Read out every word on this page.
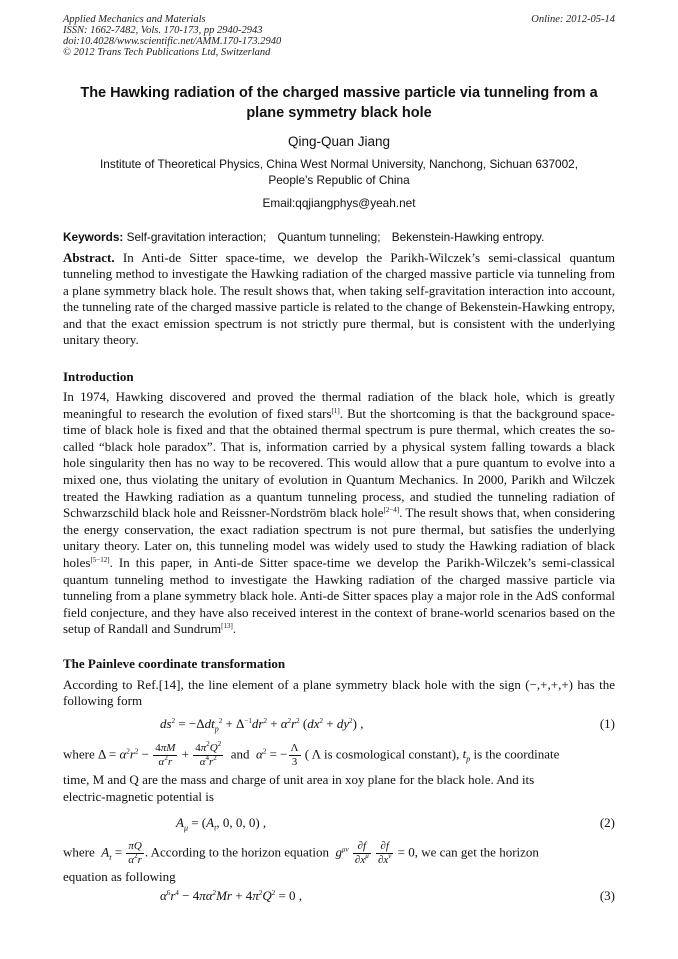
Applied Mechanics and Materials
ISSN: 1662-7482, Vols. 170-173, pp 2940-2943
doi:10.4028/www.scientific.net/AMM.170-173.2940
© 2012 Trans Tech Publications Ltd, Switzerland
Online: 2012-05-14
The Hawking radiation of the charged massive particle via tunneling from a plane symmetry black hole
Qing-Quan Jiang
Institute of Theoretical Physics, China West Normal University, Nanchong, Sichuan 637002,
People's Republic of China
Email:qqjiangphys@yeah.net
Keywords: Self-gravitation interaction; Quantum tunneling; Bekenstein-Hawking entropy.
Abstract. In Anti-de Sitter space-time, we develop the Parikh-Wilczek’s semi-classical quantum tunneling method to investigate the Hawking radiation of the charged massive particle via tunneling from a plane symmetry black hole. The result shows that, when taking self-gravitation interaction into account, the tunneling rate of the charged massive particle is related to the change of Bekenstein-Hawking entropy, and that the exact emission spectrum is not strictly pure thermal, but is consistent with the underlying unitary theory.
Introduction
In 1974, Hawking discovered and proved the thermal radiation of the black hole, which is greatly meaningful to research the evolution of fixed stars[1]. But the shortcoming is that the background space-time of black hole is fixed and that the obtained thermal spectrum is pure thermal, which creates the so-called “black hole paradox”. That is, information carried by a physical system falling towards a black hole singularity then has no way to be recovered. This would allow that a pure quantum to evolve into a mixed one, thus violating the unitary of evolution in Quantum Mechanics. In 2000, Parikh and Wilczek treated the Hawking radiation as a quantum tunneling process, and studied the tunneling radiation of Schwarzschild black hole and Reissner-Nordström black hole[2−4]. The result shows that, when considering the energy conservation, the exact radiation spectrum is not pure thermal, but satisfies the underlying unitary theory. Later on, this tunneling model was widely used to study the Hawking radiation of black holes[5−12]. In this paper, in Anti-de Sitter space-time we develop the Parikh-Wilczek’s semi-classical quantum tunneling method to investigate the Hawking radiation of the charged massive particle via tunneling from a plane symmetry black hole. Anti-de Sitter spaces play a major role in the AdS conformal field conjecture, and they have also received interest in the context of brane-world scenarios based on the setup of Randall and Sundrum[13].
The Painleve coordinate transformation
According to Ref.[14], the line element of a plane symmetry black hole with the sign (−,+,+,+) has the following form
$ds^2 = -\Delta dt_p^2 + \Delta^{-1}dr^2 + \alpha^2r^2$ $(dx^2 + dy^2)$ ,	(1)
where $\Delta = \alpha^2r^2 - \frac{4\pi M}{\alpha^2r} + \frac{4\pi^2Q^2}{\alpha^4r^2}$ and $\alpha^2$ = − $\frac{\Lambda}{3}$ ( Λ is cosmological constant), $t_p$ is the coordinate
time, M and Q are the mass and charge of unit area in xoy plane for the black hole. And its
electric-magnetic potential is
$A_\mu = (A_t$, 0, 0, 0) ,	(2)
where $A_t = \frac{\pi Q}{\alpha^2r}$ . According to the horizon equation $g^{\mu\nu} \frac{\partial f}{\partial x^\mu}$
$\frac{\partial f}{\partial x^\nu} = 0$, we can get the horizon
equation as following
$\alpha^6r^4 - 4\pi\alpha^2Mr + 4\pi^2Q^2 = 0$ ,	(3)
